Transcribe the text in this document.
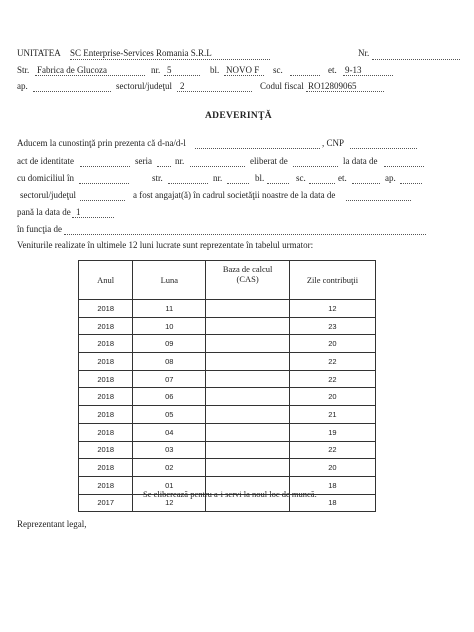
UNITATEA SC Enterprise-Services Romania S.R.L	Nr.
Str. Fabrica de Glucoza	nr. 5	bl. NOVO F sc.	et. 9-13
ap.	sectorul/judeţul 2	Codul fiscal RO12809065
ADEVERINŢĂ
Aducem la cunostinţă prin prezenta că d-na/d-l	, CNP
act de identitate	seria	nr.	eliberat de	la data de
cu domiciliul în	str.	nr.	bl.	sc.	et.	ap.
sectorul/judeţul	a fost angajat(ă) în cadrul societăţii noastre de la data de
pană la data de 1
în funcţia de
Veniturile realizate în ultimele 12 luni lucrate sunt reprezentate în tabelul urmator:
Anul	Luna	Baza de calcul (CAS)	Zile contribuţii
2018	11		12
2018	10		23
2018	09		20
2018	08		22
2018	07		22
2018	06		20
2018	05		21
2018	04		19
2018	03		22
2018	02		20
2018	01		18
2017	12		18
Se eliberează pentru a-i servi la noul loc de muncă.
Reprezentant legal,
